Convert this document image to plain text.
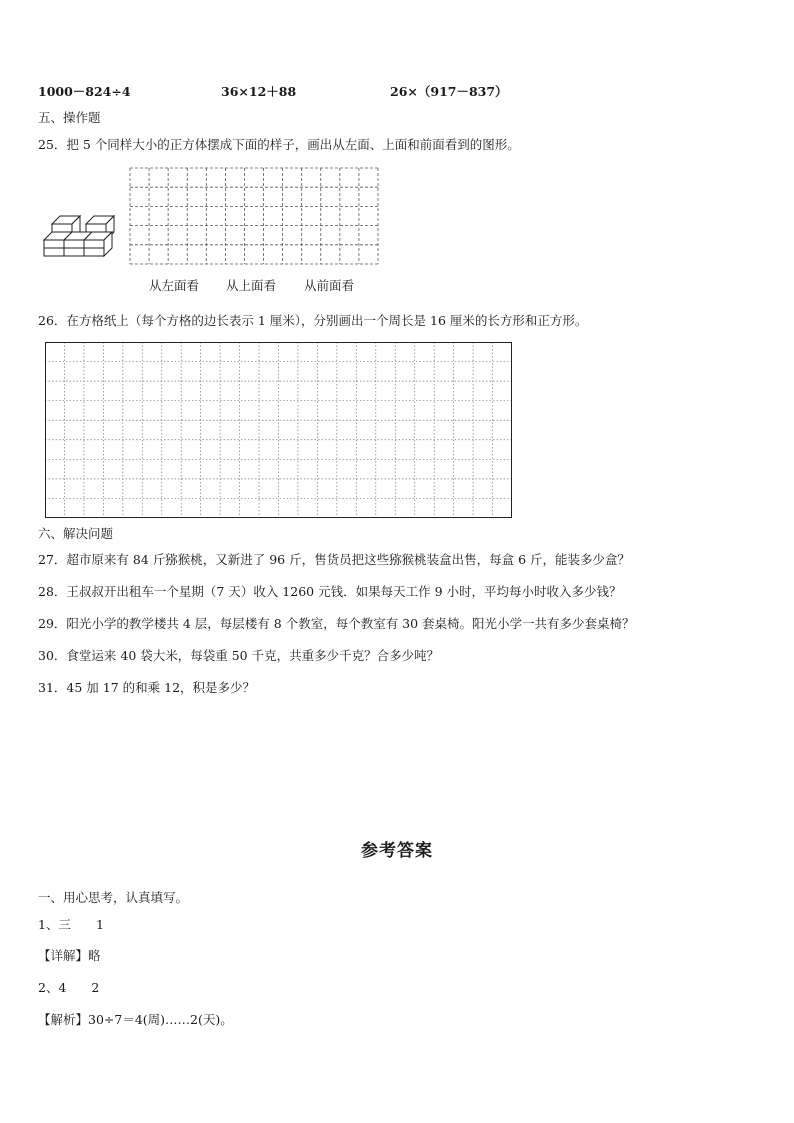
1000－824÷4	36×12＋88	26×（917－837）
五、操作题
25．把 5 个同样大小的正方体摆成下面的样子，画出从左面、上面和前面看到的图形。
从左面看 从上面看 从前面看
26．在方格纸上（每个方格的边长表示 1 厘米），分别画出一个周长是 16 厘米的长方形和正方形。
六、解决问题
27．超市原来有 84 斤猕猴桃，又新进了 96 斤，售货员把这些猕猴桃装盒出售，每盒 6 斤，能装多少盒？
28．王叔叔开出租车一个星期（7 天）收入 1260 元钱．如果每天工作 9 小时，平均每小时收入多少钱？
29．阳光小学的教学楼共 4 层，每层楼有 8 个教室，每个教室有 30 套桌椅。阳光小学一共有多少套桌椅？
30．食堂运来 40 袋大米，每袋重 50 千克，共重多少千克？合多少吨？
31．45 加 17 的和乘 12，积是多少？
参考答案
一、用心思考，认真填写。
1、三　　1
【详解】略
2、4　　2
【解析】30÷7＝4(周)……2(天)。
